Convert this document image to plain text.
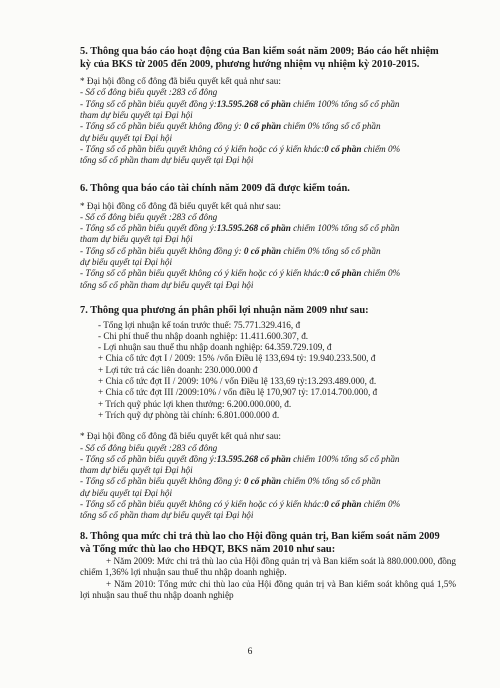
5. Thông qua báo cáo hoạt động của Ban kiểm soát năm 2009; Báo cáo hết nhiệm

kỳ của BKS từ 2005 đến 2009, phương hướng nhiệm vụ nhiệm kỳ 2010-2015.

* Đại hội đồng cổ đông đã biểu quyết kết quả như sau:

- Số cổ đông biểu quyết :283 cổ đông

- Tổng số cổ phần biểu quyết đồng ý:13.595.268 cổ phần chiếm 100% tổng số cổ phần

tham dự biểu quyết tại Đại hội

- Tổng số cổ phần biểu quyết không đồng ý: 0 cổ phần chiếm 0% tổng số cổ phần

dự biểu quyết tại Đại hội

- Tổng số cổ phần biểu quyết không có ý kiến hoặc có ý kiến khác:0 cổ phần chiếm 0%

tổng số cổ phần tham dự biểu quyết tại Đại hội

6. Thông qua báo cáo tài chính năm 2009 đã được kiểm toán.

* Đại hội đồng cổ đông đã biểu quyết kết quả như sau:

- Số cổ đông biểu quyết :283 cổ đông

- Tổng số cổ phần biểu quyết đồng ý:13.595.268 cổ phần chiếm 100% tổng số cổ phần

tham dự biểu quyết tại Đại hội

- Tổng số cổ phần biểu quyết không đồng ý: 0 cổ phần chiếm 0% tổng số cổ phần

dự biểu quyết tại Đại hội

- Tổng số cổ phần biểu quyết không có ý kiến hoặc có ý kiến khác:0 cổ phần chiếm 0%

tổng số cổ phần tham dự biểu quyết tại Đại hội

7. Thông qua phương án phân phối lợi nhuận năm 2009 như sau:

- Tổng lợi nhuận kế toán trước thuế: 75.771.329.416, đ

- Chi phí thuế thu nhập doanh nghiệp: 11.411.600.307, đ.

- Lợi nhuận sau thuế thu nhập doanh nghiệp: 64.359.729.109, đ

+ Chia cổ tức đợt I / 2009: 15% /vốn Điều lệ 133,694 tỷ: 19.940.233.500, đ

+ Lợi tức trả các liên doanh: 230.000.000 đ

+ Chia cổ tức đợt II / 2009: 10% / vốn Điều lệ 133,69 tỷ:13.293.489.000, đ.

+ Chia cổ tức đợt III /2009:10% / vốn điều lệ 170,907 tỷ: 17.014.700.000, đ

+ Trích quỹ phúc lợi khen thưởng: 6.200.000.000, đ.

+ Trích quỹ dự phòng tài chính: 6.801.000.000 đ.

* Đại hội đồng cổ đông đã biểu quyết kết quả như sau:

- Số cổ đông biểu quyết :283 cổ đông

- Tổng số cổ phần biểu quyết đồng ý:13.595.268 cổ phần chiếm 100% tổng số cổ phần

tham dự biểu quyết tại Đại hội

- Tổng số cổ phần biểu quyết không đồng ý: 0 cổ phần chiếm 0% tổng số cổ phần

dự biểu quyết tại Đại hội

- Tổng số cổ phần biểu quyết không có ý kiến hoặc có ý kiến khác:0 cổ phần chiếm 0%

tổng số cổ phần tham dự biểu quyết tại Đại hội

8. Thông qua mức chi trả thù lao cho Hội đồng quản trị, Ban kiểm soát năm 2009

và Tổng mức thù lao cho HĐQT, BKS năm 2010 như sau:

+ Năm 2009: Mức chi trả thù lao của Hội đồng quản trị và Ban kiểm soát là 880.000.000, đồng chiếm 1,36% lợi nhuận sau thuế thu nhập doanh nghiệp.

+ Năm 2010: Tổng mức chi thù lao của Hội đồng quản trị và Ban kiểm soát không quá 1,5% lợi nhuận sau thuế thu nhập doanh nghiệp

6
